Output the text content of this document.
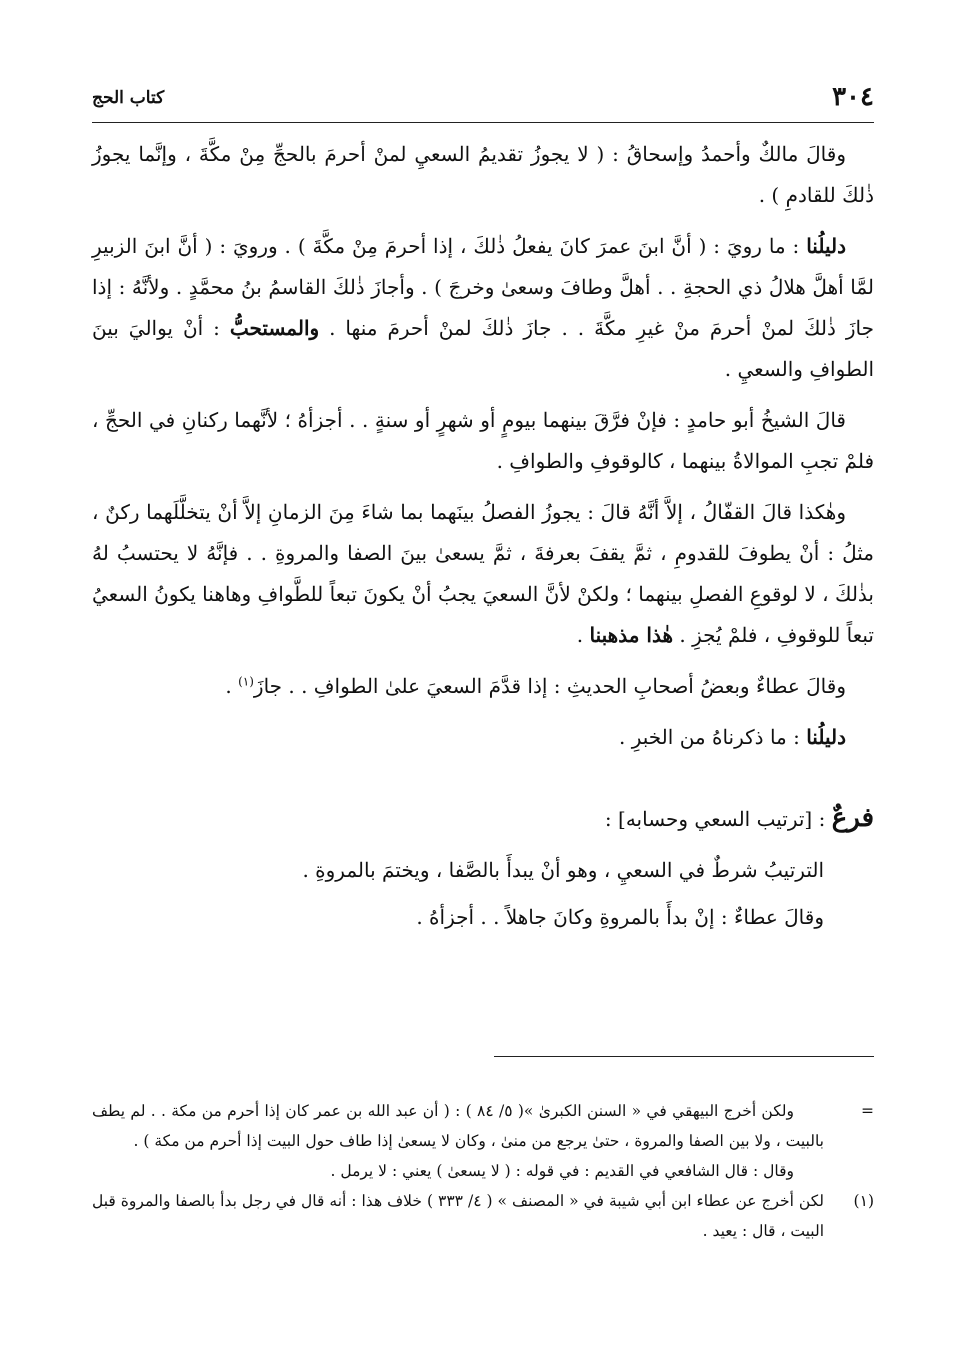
٣٠٤
كتاب الحج

وقالَ مالكٌ وأحمدُ وإسحاقُ : ( لا يجوزُ تقديمُ السعيِ لمنْ أحرمَ بالحجِّ مِنْ مكَّةَ ، وإنَّما يجوزُ ذٰلكَ للقادمِ ) .

دليلُنا : ما رويَ : ( أنَّ ابنَ عمرَ كانَ يفعلُ ذٰلكَ ، إذا أحرمَ مِنْ مكَّةَ ) . ورويَ : ( أنَّ ابنَ الزبيرِ لمَّا أهلَّ هلالُ ذي الحجةِ . . أهلَّ وطافَ وسعىٰ وخرجَ ) . وأجازَ ذٰلكَ القاسمُ بنُ محمَّدٍ . ولأنَّهُ : إذا جازَ ذٰلكَ لمنْ أحرمَ منْ غيرِ مكَّةَ . . جازَ ذٰلكَ لمنْ أحرمَ منها . والمستحبُّ : أنْ يواليَ بينَ الطوافِ والسعيِ .

قالَ الشيخُ أبو حامدٍ : فإنْ فرَّقَ بينهما بيومٍ أو شهرٍ أو سنةٍ . . أجزأهُ ؛ لأنَّهما ركنانِ في الحجِّ ، فلمْ تجبِ الموالاةُ بينهما ، كالوقوفِ والطوافِ .

وهٰكذا قالَ القفّالُ ، إلاَّ أنَّهُ قالَ : يجوزُ الفصلُ بينَهما بما شاءَ مِنَ الزمانِ إلاَّ أنْ يتخلَّلَهما ركنٌ ، مثلُ : أنْ يطوفَ للقدومِ ، ثمَّ يقفَ بعرفةَ ، ثمَّ يسعىٰ بينَ الصفا والمروةِ . . فإنَّهُ لا يحتسبُ لهُ بذٰلكَ ، لا لوقوعِ الفصلِ بينهما ؛ ولكنْ لأنَّ السعيَ يجبُ أنْ يكونَ تبعاً للطَّوافِ وهاهنا يكونُ السعيُ تبعاً للوقوفِ ، فلمْ يُجزِ . هٰذا مذهبنا .

وقالَ عطاءٌ وبعضُ أصحابِ الحديثِ : إذا قدَّمَ السعيَ علىٰ الطوافِ . . جازَ$^{(١)}$ .

دليلُنا : ما ذكرناهُ من الخبرِ .

فرعٌ : [ترتيب السعي وحسابه] :

الترتيبُ شرطٌ في السعيِ ، وهو أنْ يبدأَ بالصَّفا ، ويختمَ بالمروةِ .

وقالَ عطاءٌ : إنْ بدأَ بالمروةِ وكانَ جاهلاً . . أجزأهُ .

=

ولكن أخرج البيهقي في « السنن الكبرىٰ »( ٥/ ٨٤ ) : ( أن عبد الله بن عمر كان إذا أحرم من مكة . . لم يطف بالبيت ، ولا بين الصفا والمروة ، حتىٰ يرجع من منىٰ ، وكان لا يسعىٰ إذا طاف حول البيت إذا أحرم من مكة ) .

وقال : قال الشافعي في القديم : في قوله : ( لا يسعىٰ ) يعني : لا يرمل .

(١)

لكن أخرج عن عطاء ابن أبي شيبة في « المصنف » ( ٤/ ٣٣٣ ) خلاف هذا : أنه قال في رجل بدأ بالصفا والمروة قبل البيت ، قال : يعيد .
